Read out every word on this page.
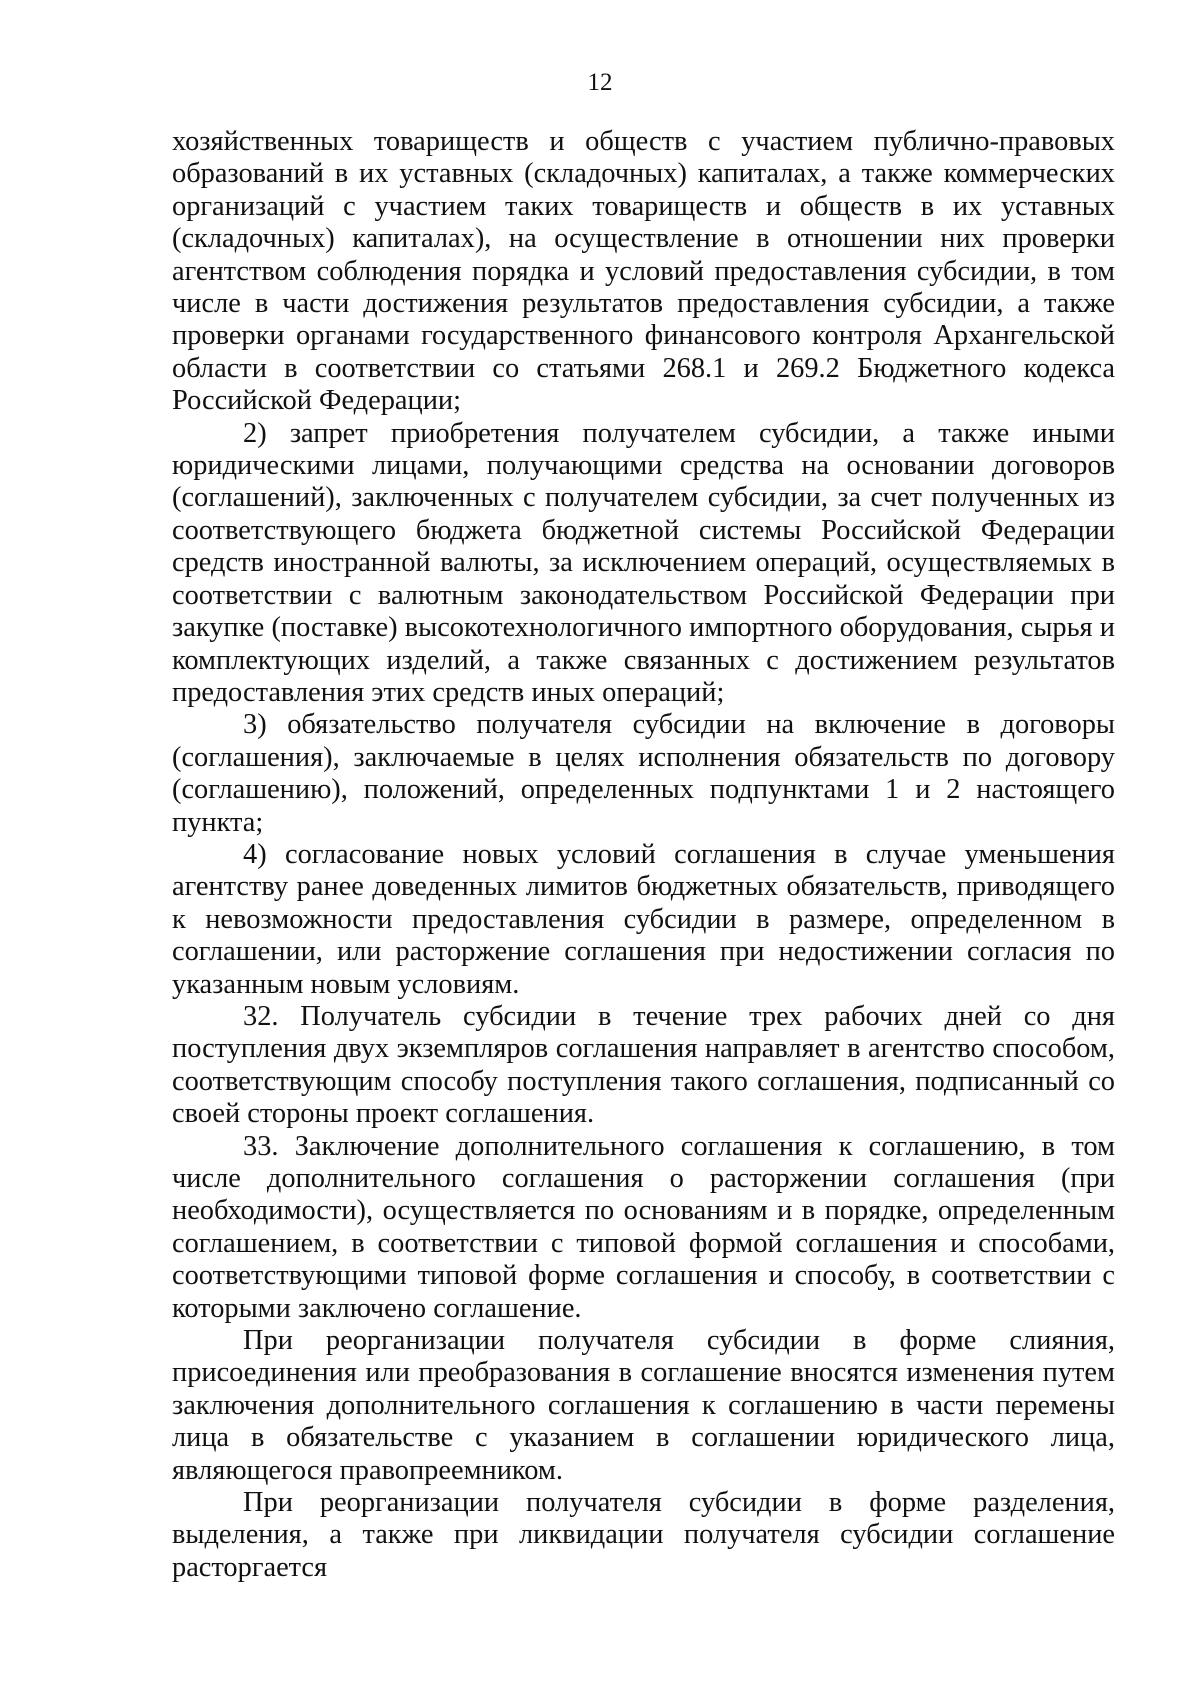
12

хозяйственных товариществ и обществ с участием публично-правовых образований в их уставных (складочных) капиталах, а также коммерческих организаций с участием таких товариществ и обществ в их уставных (складочных) капиталах), на осуществление в отношении них проверки агентством соблюдения порядка и условий предоставления субсидии, в том числе в части достижения результатов предоставления субсидии, а также проверки органами государственного финансового контроля Архангельской области в соответствии со статьями 268.1 и 269.2 Бюджетного кодекса Российской Федерации;

2) запрет приобретения получателем субсидии, а также иными юридическими лицами, получающими средства на основании договоров (соглашений), заключенных с получателем субсидии, за счет полученных из соответствующего бюджета бюджетной системы Российской Федерации средств иностранной валюты, за исключением операций, осуществляемых в соответствии с валютным законодательством Российской Федерации при закупке (поставке) высокотехнологичного импортного оборудования, сырья и комплектующих изделий, а также связанных с достижением результатов предоставления этих средств иных операций;

3) обязательство получателя субсидии на включение в договоры (соглашения), заключаемые в целях исполнения обязательств по договору (соглашению), положений, определенных подпунктами 1 и 2 настоящего пункта;

4) согласование новых условий соглашения в случае уменьшения агентству ранее доведенных лимитов бюджетных обязательств, приводящего к невозможности предоставления субсидии в размере, определенном в соглашении, или расторжение соглашения при недостижении согласия по указанным новым условиям.

32. Получатель субсидии в течение трех рабочих дней со дня поступления двух экземпляров соглашения направляет в агентство способом, соответствующим способу поступления такого соглашения, подписанный со своей стороны проект соглашения.

33. Заключение дополнительного соглашения к соглашению, в том числе дополнительного соглашения о расторжении соглашения (при необходимости), осуществляется по основаниям и в порядке, определенным соглашением, в соответствии с типовой формой соглашения и способами, соответствующими типовой форме соглашения и способу, в соответствии с которыми заключено соглашение.

При реорганизации получателя субсидии в форме слияния, присоединения или преобразования в соглашение вносятся изменения путем заключения дополнительного соглашения к соглашению в части перемены лица в обязательстве с указанием в соглашении юридического лица, являющегося правопреемником.

При реорганизации получателя субсидии в форме разделения, выделения, а также при ликвидации получателя субсидии соглашение расторгается
